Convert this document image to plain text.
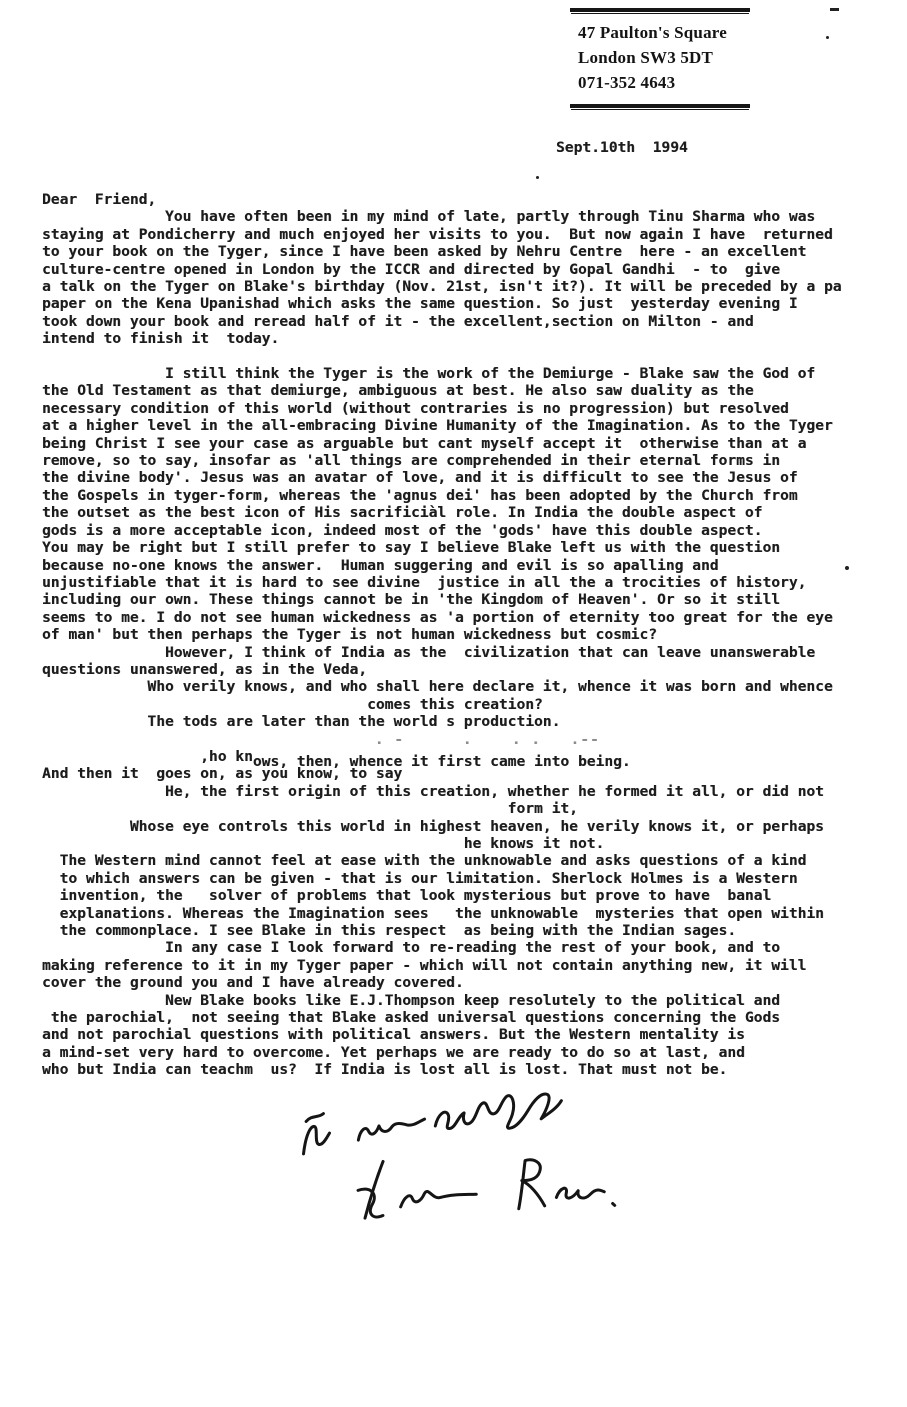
47 Paulton's Square
London SW3 5DT
071-352 4643
Sept.10th  1994
Dear  Friend,
You have often been in my mind of late, partly through Tinu Sharma who was
staying at Pondicherry and much enjoyed her visits to you.  But now again I have  returned
to your book on the Tyger, since I have been asked by Nehru Centre  here - an excellent
culture-centre opened in London by the ICCR and directed by Gopal Gandhi  - to  give
a talk on the Tyger on Blake's birthday (Nov. 21st, isn't it?). It will be preceded by a pa
paper on the Kena Upanishad which asks the same question. So just  yesterday evening I
took down your book and reread half of it - the excellent,section on Milton - and
intend to finish it  today.
I still think the Tyger is the work of the Demiurge - Blake saw the God of
the Old Testament as that demiurge, ambiguous at best. He also saw duality as the
necessary condition of this world (without contraries is no progression) but resolved
at a higher level in the all-embracing Divine Humanity of the Imagination. As to the Tyger
being Christ I see your case as arguable but cant myself accept it  otherwise than at a
remove, so to say, insofar as 'all things are comprehended in their eternal forms in
the divine body'. Jesus was an avatar of love, and it is difficult to see the Jesus of
the Gospels in tyger-form, whereas the 'agnus dei' has been adopted by the Church from
the outset as the best icon of His sacrificiàl role. In India the double aspect of
gods is a more acceptable icon, indeed most of the 'gods' have this double aspect.
You may be right but I still prefer to say I believe Blake left us with the question
because no-one knows the answer.  Human suggering and evil is so apalling and
unjustifiable that it is hard to see divine  justice in all the a trocities of history,
including our own. These things cannot be in 'the Kingdom of Heaven'. Or so it still
seems to me. I do not see human wickedness as 'a portion of eternity too great for the eye
of man' but then perhaps the Tyger is not human wickedness but cosmic?
However, I think of India as the  civilization that can leave unanswerable
questions unanswered, as in the Veda,
Who verily knows, and who shall here declare it, whence it was born and whence
comes this creation?
The tods are later than the world s production.
. -      .    . .   .--
,ho knows, then, whence it first came into being.
And then it  goes on, as you know, to say
He, the first origin of this creation, whether he formed it all, or did not
form it,
Whose eye controls this world in highest heaven, he verily knows it, or perhaps
he knows it not.
The Western mind cannot feel at ease with the unknowable and asks questions of a kind
to which answers can be given - that is our limitation. Sherlock Holmes is a Western
invention, the   solver of problems that look mysterious but prove to have  banal
explanations. Whereas the Imagination sees   the unknowable  mysteries that open within
the commonplace. I see Blake in this respect  as being with the Indian sages.
In any case I look forward to re-reading the rest of your book, and to
making reference to it in my Tyger paper - which will not contain anything new, it will
cover the ground you and I have already covered.
New Blake books like E.J.Thompson keep resolutely to the political and
the parochial,  not seeing that Blake asked universal questions concerning the Gods
and not parochial questions with political answers. But the Western mentality is
a mind-set very hard to overcome. Yet perhaps we are ready to do so at last, and
who but India can teachm  us?  If India is lost all is lost. That must not be.
